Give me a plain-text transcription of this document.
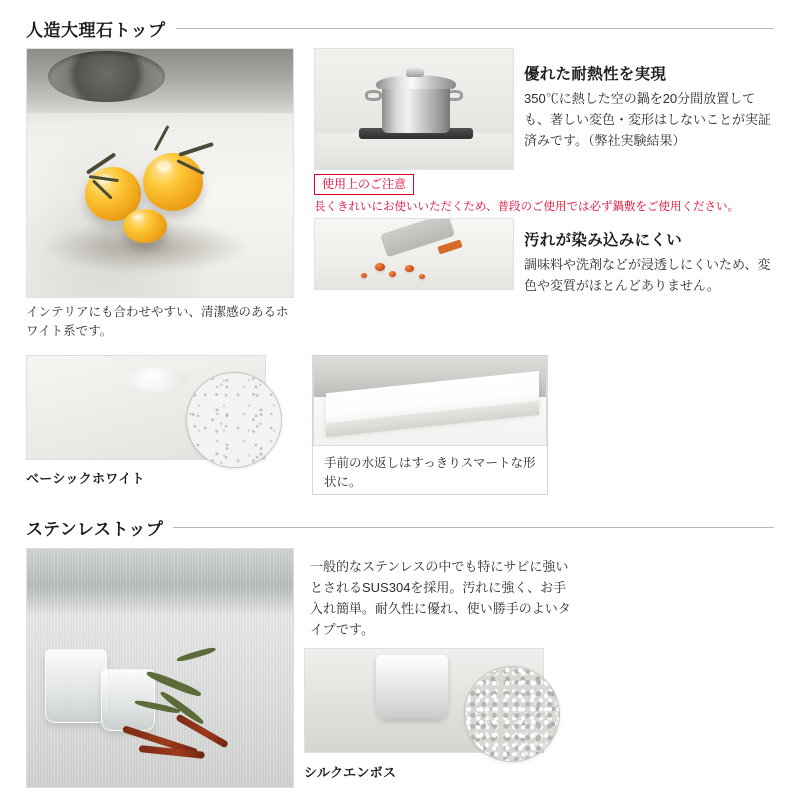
人造大理石トップ
インテリアにも合わせやすい、清潔感のあるホワイト系です。
優れた耐熱性を実現
350℃に熱した空の鍋を20分間放置しても、著しい変色・変形はしないことが実証済みです。（弊社実験結果）
使用上のご注意
長くきれいにお使いいただくため、普段のご使用では必ず鍋敷をご使用ください。
汚れが染み込みにくい
調味料や洗剤などが浸透しにくいため、変色や変質がほとんどありません。
ベーシックホワイト
手前の水返しはすっきりスマートな形状に。
ステンレストップ
一般的なステンレスの中でも特にサビに強いとされるSUS304を採用。汚れに強く、お手入れ簡単。耐久性に優れ、使い勝手のよいタイプです。
シルクエンボス
